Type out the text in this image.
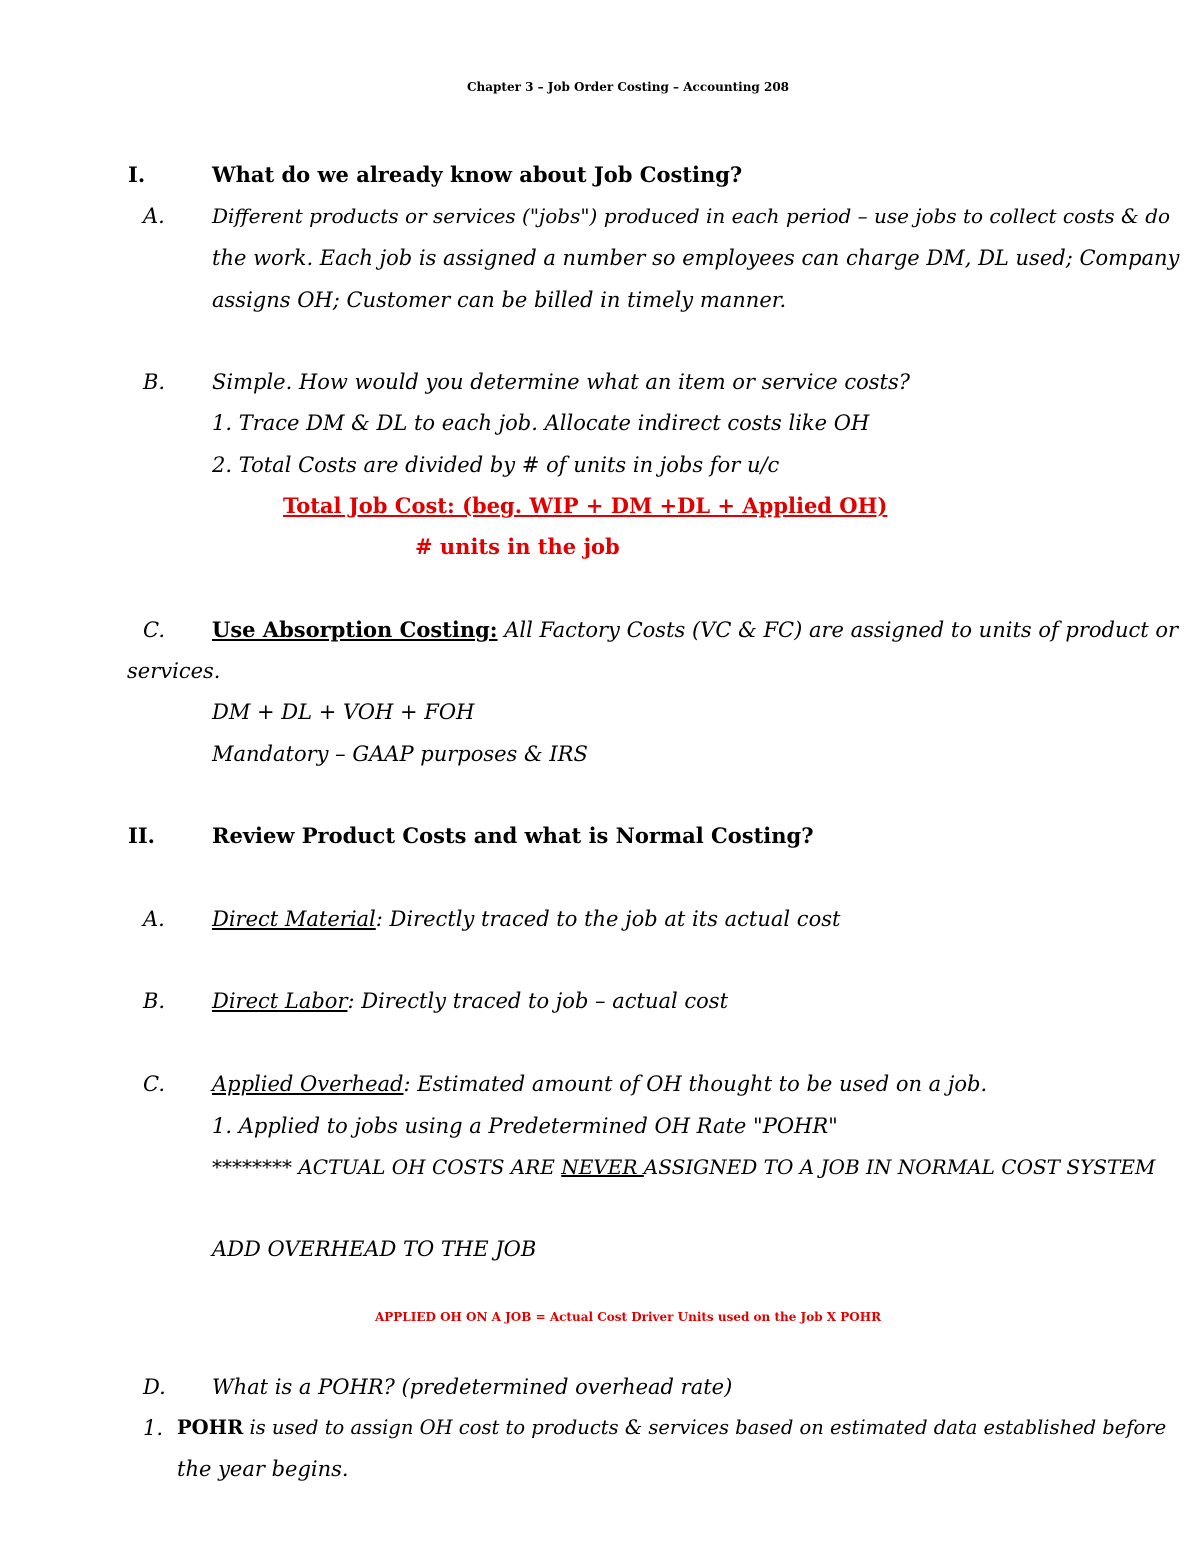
Chapter 3 – Job Order Costing – Accounting 208
I.	What do we already know about Job Costing?
A. Different products or services ("jobs") produced in each period – use jobs to collect costs & do
the work. Each job is assigned a number so employees can charge DM, DL used; Company
assigns OH; Customer can be billed in timely manner.
B. Simple. How would you determine what an item or service costs?
1. Trace DM & DL to each job. Allocate indirect costs like OH
2. Total Costs are divided by # of units in jobs for u/c
Total Job Cost: (beg. WIP + DM +DL + Applied OH)
# units in the job
C. Use Absorption Costing: All Factory Costs (VC & FC) are assigned to units of product or
services.
DM + DL + VOH + FOH
Mandatory – GAAP purposes & IRS
II.	Review Product Costs and what is Normal Costing?
A. Direct Material: Directly traced to the job at its actual cost
B. Direct Labor: Directly traced to job – actual cost
C. Applied Overhead: Estimated amount of OH thought to be used on a job.
1. Applied to jobs using a Predetermined OH Rate "POHR"
******** ACTUAL OH COSTS ARE NEVER ASSIGNED TO A JOB IN NORMAL COST SYSTEM
ADD OVERHEAD TO THE JOB
APPLIED OH ON A JOB = Actual Cost Driver Units used on the Job X POHR
D. What is a POHR? (predetermined overhead rate)
1. POHR is used to assign OH cost to products & services based on estimated data established before
the year begins.
